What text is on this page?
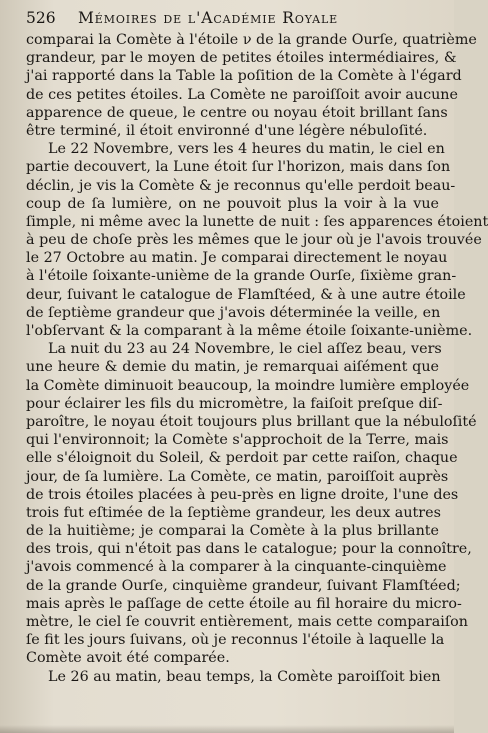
526 Mémoires de l'Académie Royale
comparai la Comète à l'étoile ν de la grande Ourſe, quatrième
grandeur, par le moyen de petites étoiles intermédiaires, &
j'ai rapporté dans la Table la poſition de la Comète à l'égard
de ces petites étoiles. La Comète ne paroiſſoit avoir aucune
apparence de queue, le centre ou noyau étoit brillant ſans
être terminé, il étoit environné d'une légère nébuloſité.
Le 22 Novembre, vers les 4 heures du matin, le ciel en
partie decouvert, la Lune étoit ſur l'horizon, mais dans ſon
déclin, je vis la Comète & je reconnus qu'elle perdoit beau-
coup de ſa lumière, on ne pouvoit plus la voir à la vue
ſimple, ni même avec la lunette de nuit : ſes apparences étoient
à peu de choſe près les mêmes que le jour où je l'avois trouvée
le 27 Octobre au matin. Je comparai directement le noyau
à l'étoile ſoixante-unième de la grande Ourſe, ſixième gran-
deur, ſuivant le catalogue de Flamſtéed, & à une autre étoile
de ſeptième grandeur que j'avois déterminée la veille, en
l'obſervant & la comparant à la même étoile ſoixante-unième.
La nuit du 23 au 24 Novembre, le ciel aſſez beau, vers
une heure & demie du matin, je remarquai aiſément que
la Comète diminuoit beaucoup, la moindre lumière employée
pour éclairer les fils du micromètre, la faiſoit preſque diſ-
paroître, le noyau étoit toujours plus brillant que la nébuloſité
qui l'environnoit; la Comète s'approchoit de la Terre, mais
elle s'éloignoit du Soleil, & perdoit par cette raiſon, chaque
jour, de ſa lumière. La Comète, ce matin, paroiſſoit auprès
de trois étoiles placées à peu-près en ligne droite, l'une des
trois fut eſtimée de la ſeptième grandeur, les deux autres
de la huitième; je comparai la Comète à la plus brillante
des trois, qui n'étoit pas dans le catalogue; pour la connoître,
j'avois commencé à la comparer à la cinquante-cinquième
de la grande Ourſe, cinquième grandeur, ſuivant Flamſtéed;
mais après le paſſage de cette étoile au fil horaire du micro-
mètre, le ciel ſe couvrit entièrement, mais cette comparaiſon
ſe fit les jours ſuivans, où je reconnus l'étoile à laquelle la
Comète avoit été comparée.
Le 26 au matin, beau temps, la Comète paroiſſoit bien
